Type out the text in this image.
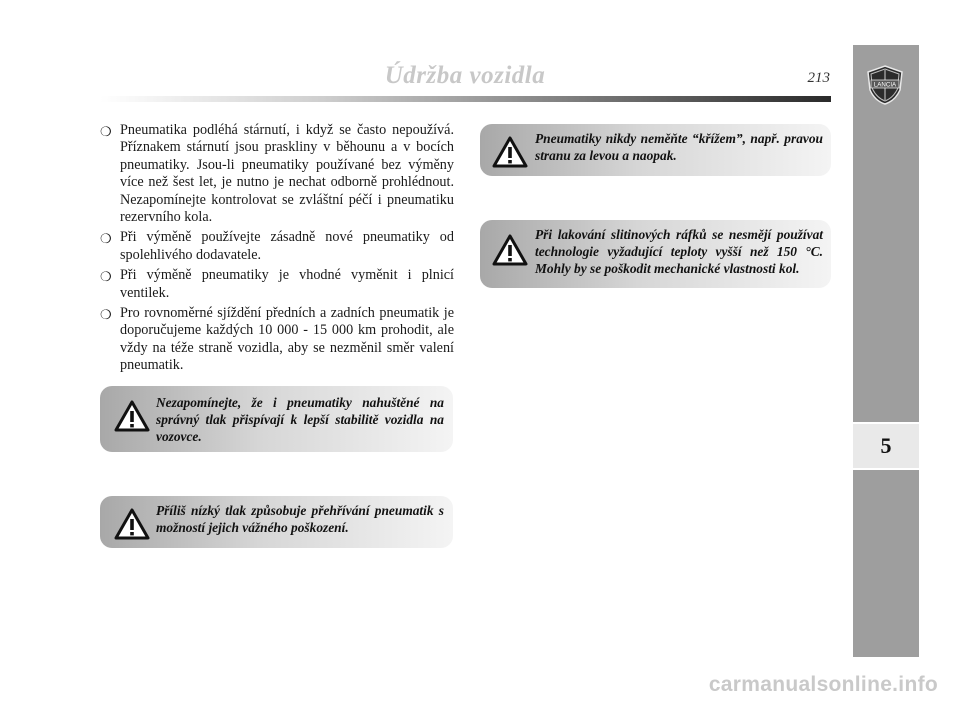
Údržba vozidla	213
5
LANCIA
❍ Pneumatika podléhá stárnutí, i když se často nepoužívá. Příznakem stárnutí jsou praskliny v běhounu a v bocích pneumatiky. Jsou-li pneumatiky používané bez výměny více než šest let, je nutno je nechat odborně prohlédnout. Nezapomínejte kontrolovat se zvláštní péčí i pneumatiku rezervního kola.
❍ Při výměně používejte zásadně nové pneumatiky od spolehlivého dodavatele.
❍ Při výměně pneumatiky je vhodné vyměnit i plnicí ventilek.
❍ Pro rovnoměrné sjíždění předních a zadních pneumatik je doporučujeme každých 10 000 - 15 000 km prohodit, ale vždy na téže straně vozidla, aby se nezměnil směr valení pneumatik.
Nezapomínejte, že i pneumatiky nahuštěné na správný tlak přispívají k lepší stabilitě vozidla na vozovce.
Příliš nízký tlak způsobuje přehřívání pneumatik s možností jejich vážného poškození.
Pneumatiky nikdy neměňte “křížem”, např. pravou stranu za levou a naopak.
Při lakování slitinových ráfků se nesmějí používat technologie vyžadující teploty vyšší než 150 °C. Mohly by se poškodit mechanické vlastnosti kol.
carmanualsonline.info
